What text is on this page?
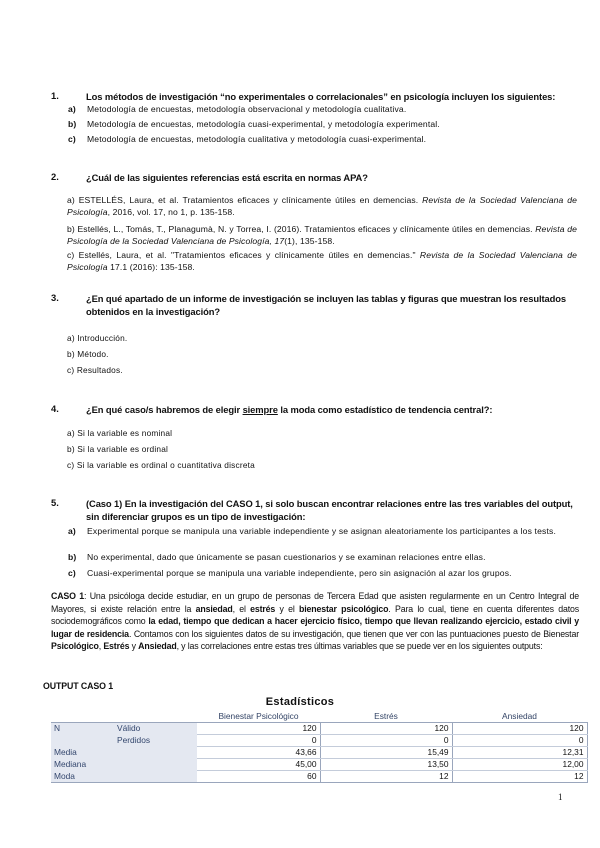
1.	Los métodos de investigación “no experimentales o correlacionales” en psicología incluyen los siguientes:
a) Metodología de encuestas, metodología observacional y metodología cualitativa.
b) Metodología de encuestas, metodología cuasi-experimental, y metodología experimental.
c) Metodología de encuestas, metodología cualitativa y metodología cuasi-experimental.
2.	¿Cuál de las siguientes referencias está escrita en normas APA?
a) ESTELLÉS, Laura, et al. Tratamientos eficaces y clínicamente útiles en demencias. Revista de la Sociedad Valenciana de Psicología, 2016, vol. 17, no 1, p. 135-158.
b) Estellés, L., Tomás, T., Planagumà, N. y Torrea, I. (2016). Tratamientos eficaces y clínicamente útiles en demencias. Revista de Psicología de la Sociedad Valenciana de Psicología, 17(1), 135-158.
c) Estellés, Laura, et al. "Tratamientos eficaces y clínicamente útiles en demencias." Revista de la Sociedad Valenciana de Psicología 17.1 (2016): 135-158.
3.	¿En qué apartado de un informe de investigación se incluyen las tablas y figuras que muestran los resultados obtenidos en la investigación?
a) Introducción.
b) Método.
c) Resultados.
4.	¿En qué caso/s habremos de elegir siempre la moda como estadístico de tendencia central?:
a) Si la variable es nominal
b) Si la variable es ordinal
c) Si la variable es ordinal o cuantitativa discreta
5.	(Caso 1) En la investigación del CASO 1, si solo buscan encontrar relaciones entre las tres variables del output, sin diferenciar grupos es un tipo de investigación:
a) Experimental porque se manipula una variable independiente y se asignan aleatoriamente los participantes a los tests.
b) No experimental, dado que únicamente se pasan cuestionarios y se examinan relaciones entre ellas.
c) Cuasi-experimental porque se manipula una variable independiente, pero sin asignación al azar los grupos.
CASO 1: Una psicóloga decide estudiar, en un grupo de personas de Tercera Edad que asisten regularmente en un Centro Integral de Mayores, si existe relación entre la ansiedad, el estrés y el bienestar psicológico. Para lo cual, tiene en cuenta diferentes datos sociodemográficos como la edad, tiempo que dedican a hacer ejercicio físico, tiempo que llevan realizando ejercicio, estado civil y lugar de residencia. Contamos con los siguientes datos de su investigación, que tienen que ver con las puntuaciones puesto de Bienestar Psicológico, Estrés y Ansiedad, y las correlaciones entre estas tres últimas variables que se puede ver en los siguientes outputs:
OUTPUT CASO 1
Estadísticos
		Bienestar Psicológico	Estrés	Ansiedad
N	Válido	120	120	120
	Perdidos	0	0	0
Media		43,66	15,49	12,31
Mediana		45,00	13,50	12,00
Moda		60	12	12
1
